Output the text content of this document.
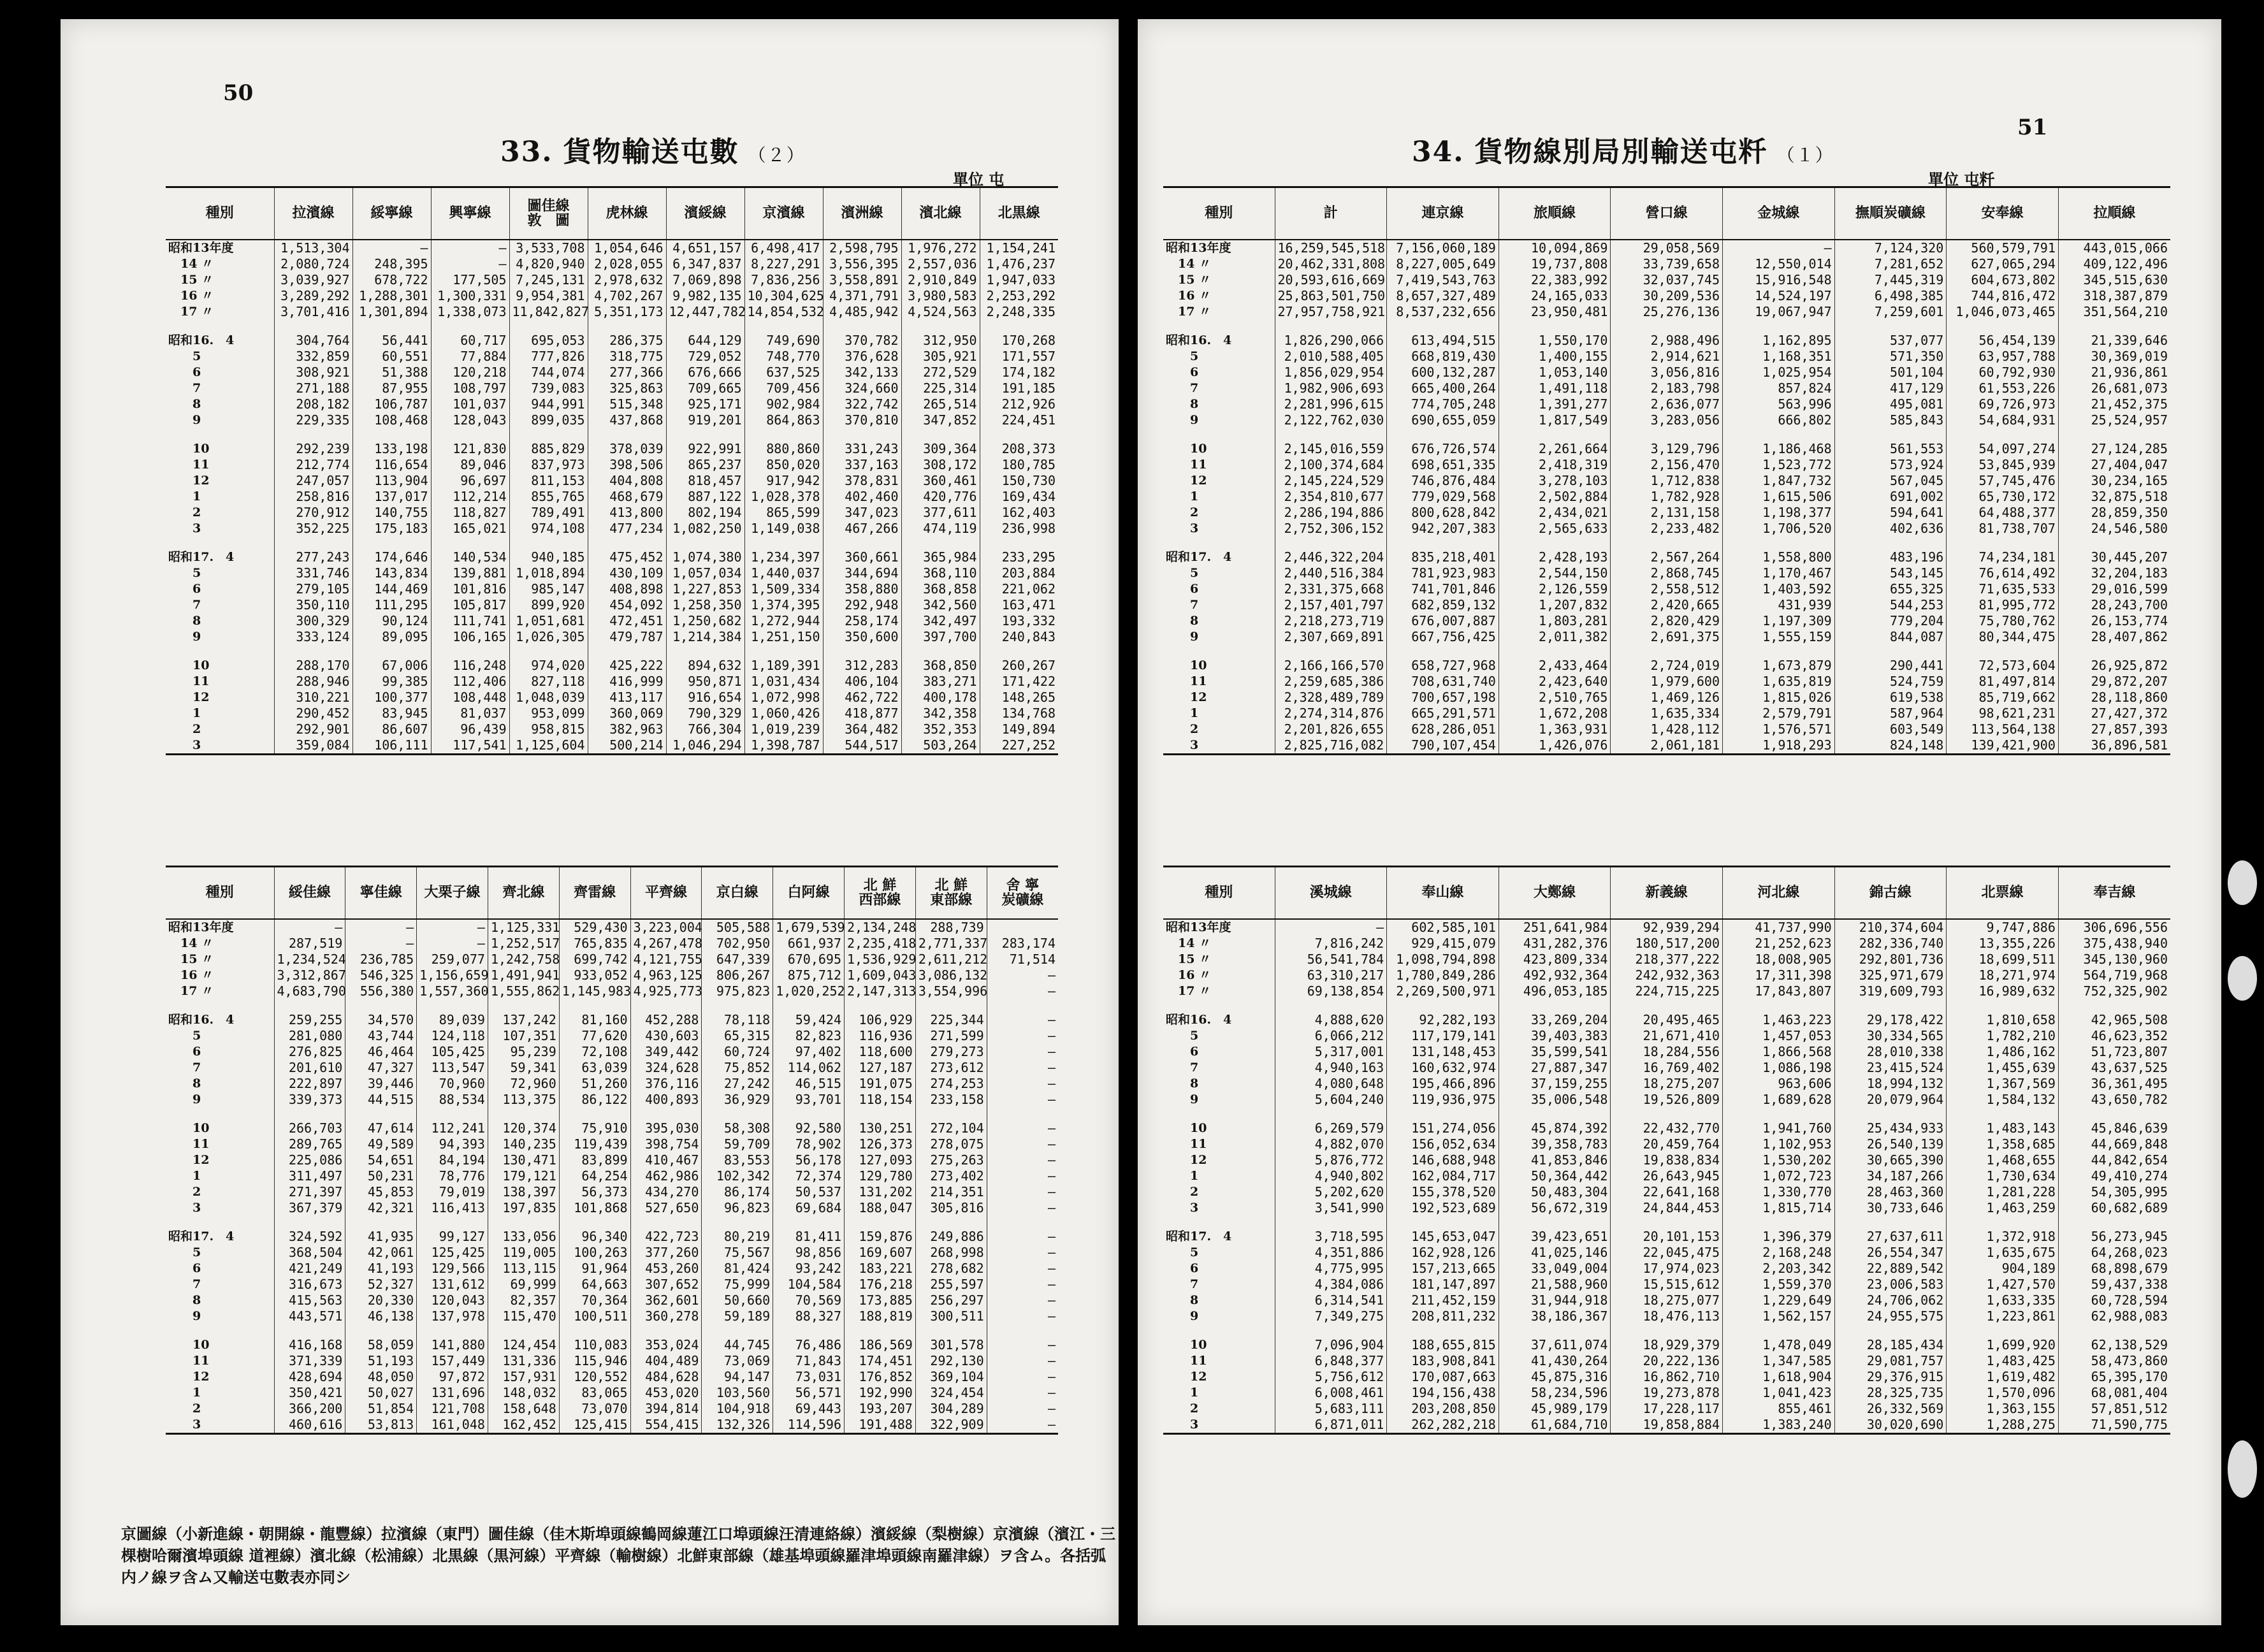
50
33. 貨物輸送屯數 （２）
單位 屯
種別	拉濱線	綏寧線	興寧線	圖佳線
敦　圖	虎林線	濱綏線	京濱線	濱洲線	濱北線	北黒線
昭和13年度	1,513,304	—	—	3,533,708	1,054,646	4,651,157	6,498,417	2,598,795	1,976,272	1,154,241
　14 〃	2,080,724	248,395	—	4,820,940	2,028,055	6,347,837	8,227,291	3,556,395	2,557,036	1,476,237
　15 〃	3,039,927	678,722	177,505	7,245,131	2,978,632	7,069,898	7,836,256	3,558,891	2,910,849	1,947,033
　16 〃	3,289,292	1,288,301	1,300,331	9,954,381	4,702,267	9,982,135	10,304,625	4,371,791	3,980,583	2,253,292
　17 〃	3,701,416	1,301,894	1,338,073	11,842,827	5,351,173	12,447,782	14,854,532	4,485,942	4,524,563	2,248,335

昭和16.　4	304,764	56,441	60,717	695,053	286,375	644,129	749,690	370,782	312,950	170,268
　　5	332,859	60,551	77,884	777,826	318,775	729,052	748,770	376,628	305,921	171,557
　　6	308,921	51,388	120,218	744,074	277,366	676,666	637,525	342,133	272,529	174,182
　　7	271,188	87,955	108,797	739,083	325,863	709,665	709,456	324,660	225,314	191,185
　　8	208,182	106,787	101,037	944,991	515,348	925,171	902,984	322,742	265,514	212,926
　　9	229,335	108,468	128,043	899,035	437,868	919,201	864,863	370,810	347,852	224,451

　　10	292,239	133,198	121,830	885,829	378,039	922,991	880,860	331,243	309,364	208,373
　　11	212,774	116,654	89,046	837,973	398,506	865,237	850,020	337,163	308,172	180,785
　　12	247,057	113,904	96,697	811,153	404,808	818,457	917,942	378,831	360,461	150,730
　　1	258,816	137,017	112,214	855,765	468,679	887,122	1,028,378	402,460	420,776	169,434
　　2	270,912	140,755	118,827	789,491	413,800	802,194	865,599	347,023	377,611	162,403
　　3	352,225	175,183	165,021	974,108	477,234	1,082,250	1,149,038	467,266	474,119	236,998

昭和17.　4	277,243	174,646	140,534	940,185	475,452	1,074,380	1,234,397	360,661	365,984	233,295
　　5	331,746	143,834	139,881	1,018,894	430,109	1,057,034	1,440,037	344,694	368,110	203,884
　　6	279,105	144,469	101,816	985,147	408,898	1,227,853	1,509,334	358,880	368,858	221,062
　　7	350,110	111,295	105,817	899,920	454,092	1,258,350	1,374,395	292,948	342,560	163,471
　　8	300,329	90,124	111,741	1,051,681	472,451	1,250,682	1,272,944	258,174	342,497	193,332
　　9	333,124	89,095	106,165	1,026,305	479,787	1,214,384	1,251,150	350,600	397,700	240,843

　　10	288,170	67,006	116,248	974,020	425,222	894,632	1,189,391	312,283	368,850	260,267
　　11	288,946	99,385	112,406	827,118	416,999	950,871	1,031,434	406,104	383,271	171,422
　　12	310,221	100,377	108,448	1,048,039	413,117	916,654	1,072,998	462,722	400,178	148,265
　　1	290,452	83,945	81,037	953,099	360,069	790,329	1,060,426	418,877	342,358	134,768
　　2	292,901	86,607	96,439	958,815	382,963	766,304	1,019,239	364,482	352,353	149,894
　　3	359,084	106,111	117,541	1,125,604	500,214	1,046,294	1,398,787	544,517	503,264	227,252
種別	綏佳線	寧佳線	大栗子線	齊北線	齊雷線	平齊線	京白線	白阿線	北 鮮
西部線	北 鮮
東部線	舍 寧
炭礦線
昭和13年度	—	—	—	1,125,331	529,430	3,223,004	505,588	1,679,539	2,134,248	288,739	
　14 〃	287,519	—	—	1,252,517	765,835	4,267,478	702,950	661,937	2,235,418	2,771,337	283,174
　15 〃	1,234,524	236,785	259,077	1,242,758	699,742	4,121,755	647,339	670,695	1,536,929	2,611,212	71,514
　16 〃	3,312,867	546,325	1,156,659	1,491,941	933,052	4,963,125	806,267	875,712	1,609,043	3,086,132	—
　17 〃	4,683,790	556,380	1,557,360	1,555,862	1,145,983	4,925,773	975,823	1,020,252	2,147,313	3,554,996	—

昭和16.　4	259,255	34,570	89,039	137,242	81,160	452,288	78,118	59,424	106,929	225,344	—
　　5	281,080	43,744	124,118	107,351	77,620	430,603	65,315	82,823	116,936	271,599	—
　　6	276,825	46,464	105,425	95,239	72,108	349,442	60,724	97,402	118,600	279,273	—
　　7	201,610	47,327	113,547	59,341	63,039	324,628	75,852	114,062	127,187	273,612	—
　　8	222,897	39,446	70,960	72,960	51,260	376,116	27,242	46,515	191,075	274,253	—
　　9	339,373	44,515	88,534	113,375	86,122	400,893	36,929	93,701	118,154	233,158	—

　　10	266,703	47,614	112,241	120,374	75,910	395,030	58,308	92,580	130,251	272,104	—
　　11	289,765	49,589	94,393	140,235	119,439	398,754	59,709	78,902	126,373	278,075	—
　　12	225,086	54,651	84,194	130,471	83,899	410,467	83,553	56,178	127,093	275,263	—
　　1	311,497	50,231	78,776	179,121	64,254	462,986	102,342	72,374	129,780	273,402	—
　　2	271,397	45,853	79,019	138,397	56,373	434,270	86,174	50,537	131,202	214,351	—
　　3	367,379	42,321	116,413	197,835	101,868	527,650	96,823	69,684	188,047	305,816	—

昭和17.　4	324,592	41,935	99,127	133,056	96,340	422,723	80,219	81,411	159,876	249,886	—
　　5	368,504	42,061	125,425	119,005	100,263	377,260	75,567	98,856	169,607	268,998	—
　　6	421,249	41,193	129,566	113,115	91,964	453,260	81,424	93,242	183,221	278,682	—
　　7	316,673	52,327	131,612	69,999	64,663	307,652	75,999	104,584	176,218	255,597	—
　　8	415,563	20,330	120,043	82,357	70,364	362,601	50,660	70,569	173,885	256,297	—
　　9	443,571	46,138	137,978	115,470	100,511	360,278	59,189	88,327	188,819	300,511	—

　　10	416,168	58,059	141,880	124,454	110,083	353,024	44,745	76,486	186,569	301,578	—
　　11	371,339	51,193	157,449	131,336	115,946	404,489	73,069	71,843	174,451	292,130	—
　　12	428,694	48,050	97,872	157,931	120,552	484,628	94,147	73,031	176,852	369,104	—
　　1	350,421	50,027	131,696	148,032	83,065	453,020	103,560	56,571	192,990	324,454	—
　　2	366,200	51,854	121,708	158,648	73,070	394,814	104,918	69,443	193,207	304,289	—
　　3	460,616	53,813	161,048	162,452	125,415	554,415	132,326	114,596	191,488	322,909	—
京圖線（小新進線・朝開線・龍豐線）拉濱線（東門）圖佳線（佳木斯埠頭線鶴岡線蓮江口埠頭線汪清連絡線）濱綏線（梨樹線）京濱線（濱江・三棵樹哈爾濱埠頭線 道裡線）濱北線（松浦線）北黒線（黒河線）平齊線（輸樹線）北鮮東部線（雄基埠頭線羅津埠頭線南羅津線）ヲ含ム。各括弧内ノ線ヲ含ム又輸送屯數表亦同シ
51
34. 貨物線別局別輸送屯粁 （１）
單位 屯粁
種別	計	連京線	旅順線	營口線	金城線	撫順炭礦線	安奉線	拉順線
昭和13年度	16,259,545,518	7,156,060,189	10,094,869	29,058,569	—	7,124,320	560,579,791	443,015,066
　14 〃	20,462,331,808	8,227,005,649	19,737,808	33,739,658	12,550,014	7,281,652	627,065,294	409,122,496
　15 〃	20,593,616,669	7,419,543,763	22,383,992	32,037,745	15,916,548	7,445,319	604,673,802	345,515,630
　16 〃	25,863,501,750	8,657,327,489	24,165,033	30,209,536	14,524,197	6,498,385	744,816,472	318,387,879
　17 〃	27,957,758,921	8,537,232,656	23,950,481	25,276,136	19,067,947	7,259,601	1,046,073,465	351,564,210

昭和16.　4	1,826,290,066	613,494,515	1,550,170	2,988,496	1,162,895	537,077	56,454,139	21,339,646
　　5	2,010,588,405	668,819,430	1,400,155	2,914,621	1,168,351	571,350	63,957,788	30,369,019
　　6	1,856,029,954	600,132,287	1,053,140	3,056,816	1,025,954	501,104	60,792,930	21,936,861
　　7	1,982,906,693	665,400,264	1,491,118	2,183,798	857,824	417,129	61,553,226	26,681,073
　　8	2,281,996,615	774,705,248	1,391,277	2,636,077	563,996	495,081	69,726,973	21,452,375
　　9	2,122,762,030	690,655,059	1,817,549	3,283,056	666,802	585,843	54,684,931	25,524,957

　　10	2,145,016,559	676,726,574	2,261,664	3,129,796	1,186,468	561,553	54,097,274	27,124,285
　　11	2,100,374,684	698,651,335	2,418,319	2,156,470	1,523,772	573,924	53,845,939	27,404,047
　　12	2,145,224,529	746,876,484	3,278,103	1,712,838	1,847,732	567,045	57,745,476	30,234,165
　　1	2,354,810,677	779,029,568	2,502,884	1,782,928	1,615,506	691,002	65,730,172	32,875,518
　　2	2,286,194,886	800,628,842	2,434,021	2,131,158	1,198,377	594,641	64,488,377	28,859,350
　　3	2,752,306,152	942,207,383	2,565,633	2,233,482	1,706,520	402,636	81,738,707	24,546,580

昭和17.　4	2,446,322,204	835,218,401	2,428,193	2,567,264	1,558,800	483,196	74,234,181	30,445,207
　　5	2,440,516,384	781,923,983	2,544,150	2,868,745	1,170,467	543,145	76,614,492	32,204,183
　　6	2,331,375,668	741,701,846	2,126,559	2,558,512	1,403,592	655,325	71,635,533	29,016,599
　　7	2,157,401,797	682,859,132	1,207,832	2,420,665	431,939	544,253	81,995,772	28,243,700
　　8	2,218,273,719	676,007,887	1,803,281	2,820,429	1,197,309	779,204	75,780,762	26,153,774
　　9	2,307,669,891	667,756,425	2,011,382	2,691,375	1,555,159	844,087	80,344,475	28,407,862

　　10	2,166,166,570	658,727,968	2,433,464	2,724,019	1,673,879	290,441	72,573,604	26,925,872
　　11	2,259,685,386	708,631,740	2,423,640	1,979,600	1,635,819	524,759	81,497,814	29,872,207
　　12	2,328,489,789	700,657,198	2,510,765	1,469,126	1,815,026	619,538	85,719,662	28,118,860
　　1	2,274,314,876	665,291,571	1,672,208	1,635,334	2,579,791	587,964	98,621,231	27,427,372
　　2	2,201,826,655	628,286,051	1,363,931	1,428,112	1,576,571	603,549	113,564,138	27,857,393
　　3	2,825,716,082	790,107,454	1,426,076	2,061,181	1,918,293	824,148	139,421,900	36,896,581
種別	溪城線	奉山線	大鄭線	新義線	河北線	錦古線	北票線	奉吉線
昭和13年度	—	602,585,101	251,641,984	92,939,294	41,737,990	210,374,604	9,747,886	306,696,556
　14 〃	7,816,242	929,415,079	431,282,376	180,517,200	21,252,623	282,336,740	13,355,226	375,438,940
　15 〃	56,541,784	1,098,794,898	423,809,334	218,377,222	18,008,905	292,801,736	18,699,511	345,130,960
　16 〃	63,310,217	1,780,849,286	492,932,364	242,932,363	17,311,398	325,971,679	18,271,974	564,719,968
　17 〃	69,138,854	2,269,500,971	496,053,185	224,715,225	17,843,807	319,609,793	16,989,632	752,325,902

昭和16.　4	4,888,620	92,282,193	33,269,204	20,495,465	1,463,223	29,178,422	1,810,658	42,965,508
　　5	6,066,212	117,179,141	39,403,383	21,671,410	1,457,053	30,334,565	1,782,210	46,623,352
　　6	5,317,001	131,148,453	35,599,541	18,284,556	1,866,568	28,010,338	1,486,162	51,723,807
　　7	4,940,163	160,632,974	27,887,347	16,769,402	1,086,198	23,415,524	1,455,639	43,637,525
　　8	4,080,648	195,466,896	37,159,255	18,275,207	963,606	18,994,132	1,367,569	36,361,495
　　9	5,604,240	119,936,975	35,006,548	19,526,809	1,689,628	20,079,964	1,584,132	43,650,782

　　10	6,269,579	151,274,056	45,874,392	22,432,770	1,941,760	25,434,933	1,483,143	45,846,639
　　11	4,882,070	156,052,634	39,358,783	20,459,764	1,102,953	26,540,139	1,358,685	44,669,848
　　12	5,876,772	146,688,948	41,853,846	19,838,834	1,530,202	30,665,390	1,468,655	44,842,654
　　1	4,940,802	162,084,717	50,364,442	26,643,945	1,072,723	34,187,266	1,730,634	49,410,274
　　2	5,202,620	155,378,520	50,483,304	22,641,168	1,330,770	28,463,360	1,281,228	54,305,995
　　3	3,541,990	192,523,689	56,672,319	24,844,453	1,815,714	30,733,646	1,463,259	60,682,689

昭和17.　4	3,718,595	145,653,047	39,423,651	20,101,153	1,396,379	27,637,611	1,372,918	56,273,945
　　5	4,351,886	162,928,126	41,025,146	22,045,475	2,168,248	26,554,347	1,635,675	64,268,023
　　6	4,775,995	157,213,665	33,049,004	17,974,023	2,203,342	22,889,542	904,189	68,898,679
　　7	4,384,086	181,147,897	21,588,960	15,515,612	1,559,370	23,006,583	1,427,570	59,437,338
　　8	6,314,541	211,452,159	31,944,918	18,275,077	1,229,649	24,706,062	1,633,335	60,728,594
　　9	7,349,275	208,811,232	38,186,367	18,476,113	1,562,157	24,955,575	1,223,861	62,988,083

　　10	7,096,904	188,655,815	37,611,074	18,929,379	1,478,049	28,185,434	1,699,920	62,138,529
　　11	6,848,377	183,908,841	41,430,264	20,222,136	1,347,585	29,081,757	1,483,425	58,473,860
　　12	5,756,612	170,087,663	45,875,316	16,862,710	1,618,904	29,376,915	1,619,482	65,395,170
　　1	6,008,461	194,156,438	58,234,596	19,273,878	1,041,423	28,325,735	1,570,096	68,081,404
　　2	5,683,111	203,208,850	45,989,179	17,228,117	855,461	26,332,569	1,363,155	57,851,512
　　3	6,871,011	262,282,218	61,684,710	19,858,884	1,383,240	30,020,690	1,288,275	71,590,775
